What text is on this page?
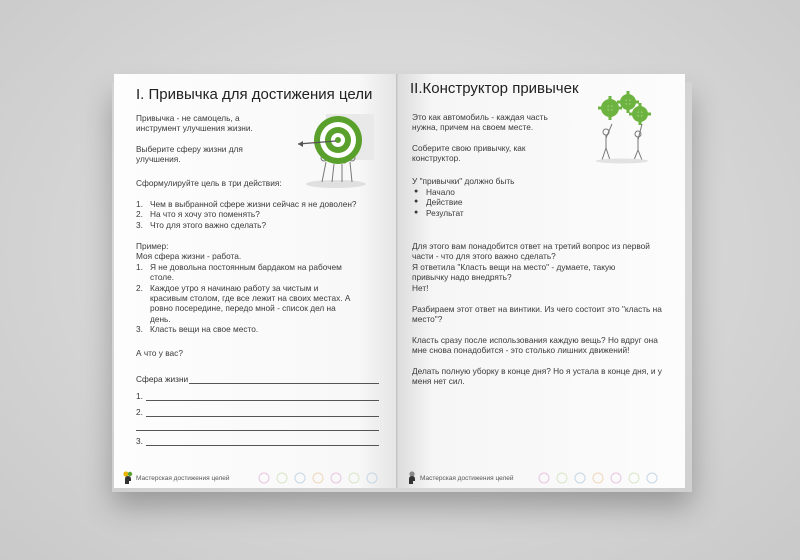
I. Привычка для достижения цели
Привычка - не самоцель, а инструмент улучшения жизни.
Выберите сферу жизни для улучшения.
Сформулируйте цель в три действия:
1. Чем в выбранной сфере жизни сейчас я не доволен?
2. На что я хочу это поменять?
3. Что для этого важно сделать?

Пример:

Моя сфера жизни - работа.

1. Я не довольна постоянным бардаком на рабочем столе.
2. Каждое утро я начинаю работу за чистым и красивым столом, где все лежит на своих местах. А ровно посередине, передо мной - список дел на день.
3. Класть вещи на свое место.
А что у вас?
Сфера жизни
1.
2.
3.
Мастерская достижения целей
II.Конструктор привычек
Это как автомобиль - каждая часть нужна, причем на своем месте.
Соберите свою привычку, как конструктор.
У "привычки" должно быть
● Начало
● Действие
● Результат
Для этого вам понадобится ответ на третий вопрос из первой части - что для этого важно сделать?
Я ответила "Класть вещи на место" - думаете, такую привычку надо внедрять?
Нет!
Разбираем этот ответ на винтики. Из чего состоит это "класть на место"?
Класть сразу после использования каждую вещь? Но вдруг она мне снова понадобится - это столько лишних движений!
Делать полную уборку в конце дня? Но я устала в конце дня, и у меня нет сил.
Мастерская достижения целей
